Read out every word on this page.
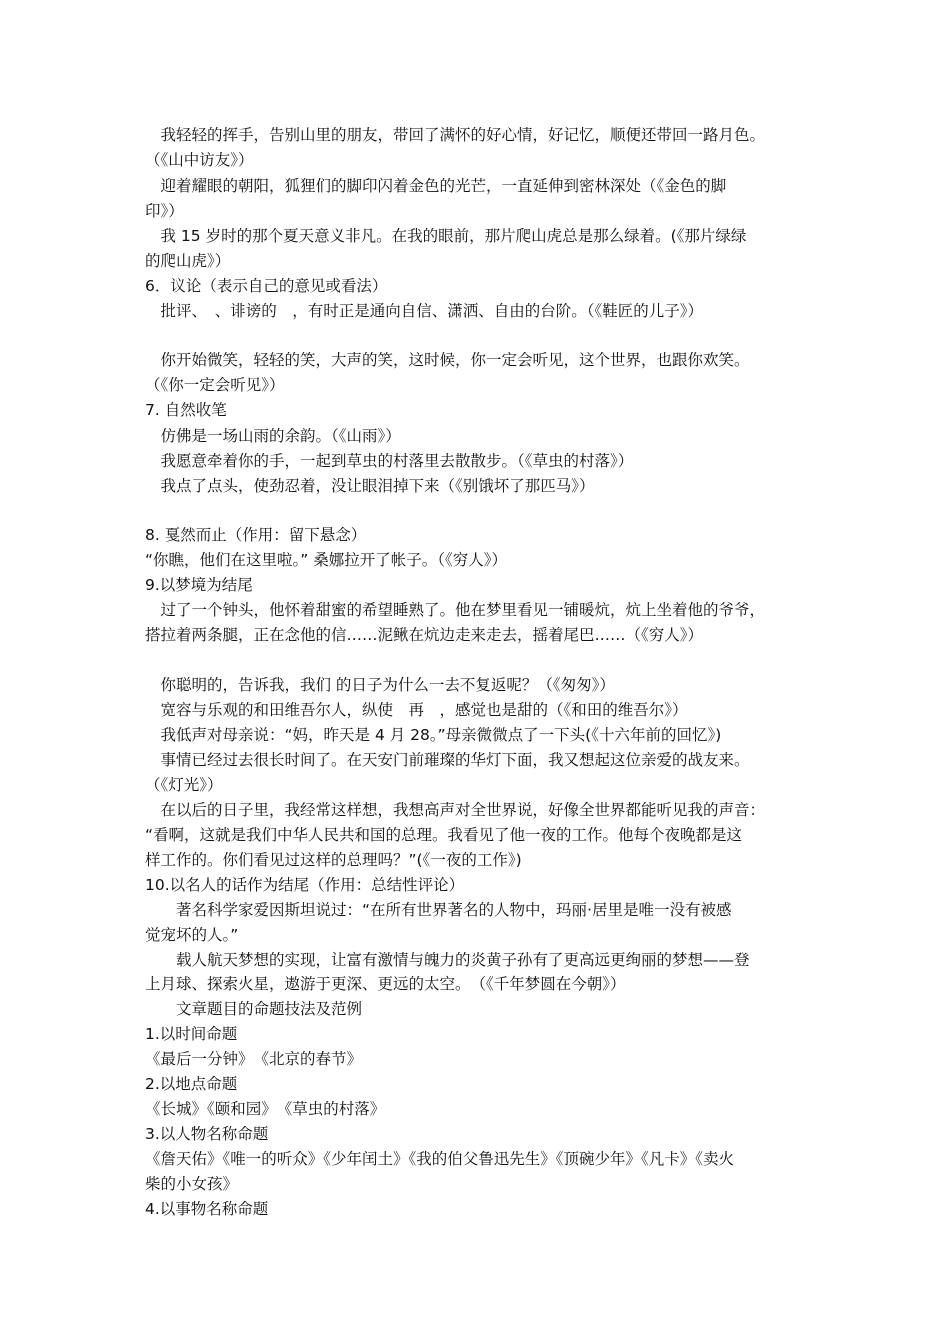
　我轻轻的挥手，告别山里的朋友，带回了满怀的好心情，好记忆，顺便还带回一路月色。

（《山中访友》）

　迎着耀眼的朝阳，狐狸们的脚印闪着金色的光芒，一直延伸到密林深处（《金色的脚

印》）

　我 15 岁时的那个夏天意义非凡。在我的眼前，那片爬山虎总是那么绿着。(《那片绿绿

的爬山虎》）

6．议论（表示自己的意见或看法）

　批评、　、诽谤的　，有时正是通向自信、潇洒、自由的台阶。（《鞋匠的儿子》）

　你开始微笑，轻轻的笑，大声的笑，这时候，你一定会听见，这个世界，也跟你欢笑。

（《你一定会听见》）

7. 自然收笔

　仿佛是一场山雨的余韵。（《山雨》）

　我愿意牵着你的手，一起到草虫的村落里去散散步。（《草虫的村落》）

　我点了点头，使劲忍着，没让眼泪掉下来（《别饿坏了那匹马》）

8. 戛然而止（作用：留下悬念）

“你瞧，他们在这里啦。” 桑娜拉开了帐子。（《穷人》）

9.以梦境为结尾

　过了一个钟头，他怀着甜蜜的希望睡熟了。他在梦里看见一铺暖炕，炕上坐着他的爷爷，

搭拉着两条腿，正在念他的信……泥鳅在炕边走来走去，摇着尾巴……（《穷人》）

　你聪明的，告诉我，我们 的日子为什么一去不复返呢？（《匆匆》）

　宽容与乐观的和田维吾尔人，纵使　再　，感觉也是甜的（《和田的维吾尔》）

　我低声对母亲说：“妈，昨天是 4 月 28。”母亲微微点了一下头(《十六年前的回忆》)

　事情已经过去很长时间了。在天安门前璀璨的华灯下面，我又想起这位亲爱的战友来。

（《灯光》）

　在以后的日子里，我经常这样想，我想高声对全世界说，好像全世界都能听见我的声音：

“看啊，这就是我们中华人民共和国的总理。我看见了他一夜的工作。他每个夜晚都是这

样工作的。你们看见过这样的总理吗？”(《一夜的工作》)

10.以名人的话作为结尾（作用：总结性评论）

　　著名科学家爱因斯坦说过：“在所有世界著名的人物中，玛丽·居里是唯一没有被感

觉宠坏的人。”

　　载人航天梦想的实现，让富有激情与魄力的炎黄子孙有了更高远更绚丽的梦想——登

上月球、探索火星，遨游于更深、更远的太空。　（《千年梦圆在今朝》）

　　文章题目的命题技法及范例

1.以时间命题

《最后一分钟》　《北京的春节》

2.以地点命题

《长城》《颐和园》　《草虫的村落》

3.以人物名称命题

《詹天佑》《唯一的听众》《少年闰土》《我的伯父鲁迅先生》《顶碗少年》《凡卡》《卖火

柴的小女孩》

4.以事物名称命题
